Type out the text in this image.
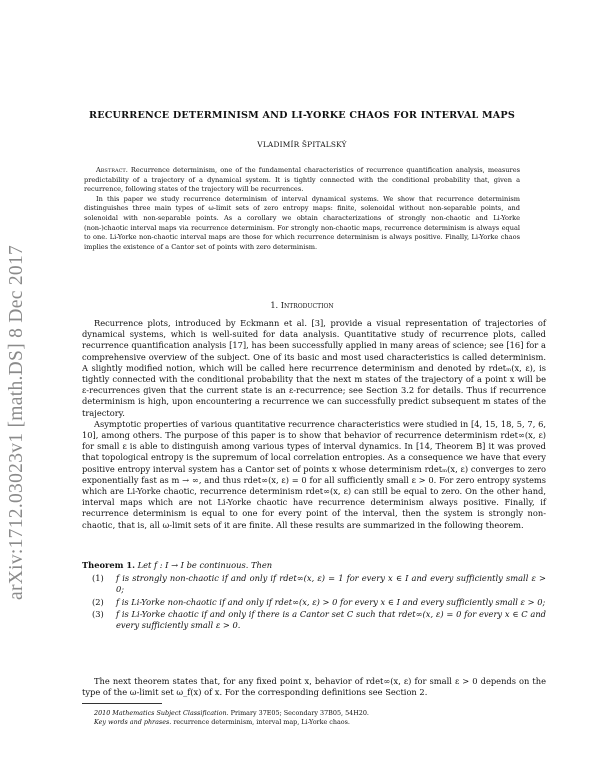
arXiv:1712.03023v1 [math.DS] 8 Dec 2017
RECURRENCE DETERMINISM AND LI-YORKE CHAOS FOR INTERVAL MAPS
VLADIMÍR ŠPITALSKÝ

Abstract. Recurrence determinism, one of the fundamental characteristics of recurrence quantification analysis, measures predictability of a trajectory of a dynamical system. It is tightly connected with the conditional probability that, given a recurrence, following states of the trajectory will be recurrences.

In this paper we study recurrence determinism of interval dynamical systems. We show that recurrence determinism distinguishes three main types of ω-limit sets of zero entropy maps: finite, solenoidal without non-separable points, and solenoidal with non-separable points. As a corollary we obtain characterizations of strongly non-chaotic and Li-Yorke (non-)chaotic interval maps via recurrence determinism. For strongly non-chaotic maps, recurrence determinism is always equal to one. Li-Yorke non-chaotic interval maps are those for which recurrence determinism is always positive. Finally, Li-Yorke chaos implies the existence of a Cantor set of points with zero determinism.

1. Introduction

Recurrence plots, introduced by Eckmann et al. [3], provide a visual representation of trajectories of dynamical systems, which is well-suited for data analysis. Quantitative study of recurrence plots, called recurrence quantification analysis [17], has been successfully applied in many areas of science; see [16] for a comprehensive overview of the subject. One of its basic and most used characteristics is called determinism. A slightly modified notion, which will be called here recurrence determinism and denoted by rdetₘ(x, ε), is tightly connected with the conditional probability that the next m states of the trajectory of a point x will be ε-recurrences given that the current state is an ε-recurrence; see Section 3.2 for details. Thus if recurrence determinism is high, upon encountering a recurrence we can successfully predict subsequent m states of the trajectory.

Asymptotic properties of various quantitative recurrence characteristics were studied in [4, 15, 18, 5, 7, 6, 10], among others. The purpose of this paper is to show that behavior of recurrence determinism rdet∞(x, ε) for small ε is able to distinguish among various types of interval dynamics. In [14, Theorem B] it was proved that topological entropy is the supremum of local correlation entropies. As a consequence we have that every positive entropy interval system has a Cantor set of points x whose determinism rdetₘ(x, ε) converges to zero exponentially fast as m → ∞, and thus rdet∞(x, ε) = 0 for all sufficiently small ε > 0. For zero entropy systems which are Li-Yorke chaotic, recurrence determinism rdet∞(x, ε) can still be equal to zero. On the other hand, interval maps which are not Li-Yorke chaotic have recurrence determinism always positive. Finally, if recurrence determinism is equal to one for every point of the interval, then the system is strongly non-chaotic, that is, all ω-limit sets of it are finite. All these results are summarized in the following theorem.

Theorem 1. Let f : I → I be continuous. Then
(1) f is strongly non-chaotic if and only if rdet∞(x, ε) = 1 for every x ∈ I and every sufficiently small ε > 0;
(2) f is Li-Yorke non-chaotic if and only if rdet∞(x, ε) > 0 for every x ∈ I and every sufficiently small ε > 0;
(3) f is Li-Yorke chaotic if and only if there is a Cantor set C such that rdet∞(x, ε) = 0 for every x ∈ C and every sufficiently small ε > 0.
The next theorem states that, for any fixed point x, behavior of rdet∞(x, ε) for small ε > 0 depends on the type of the ω-limit set ω_f(x) of x. For the corresponding definitions see Section 2.
2010 Mathematics Subject Classification. Primary 37E05; Secondary 37B05, 54H20.
Key words and phrases. recurrence determinism, interval map, Li-Yorke chaos.
